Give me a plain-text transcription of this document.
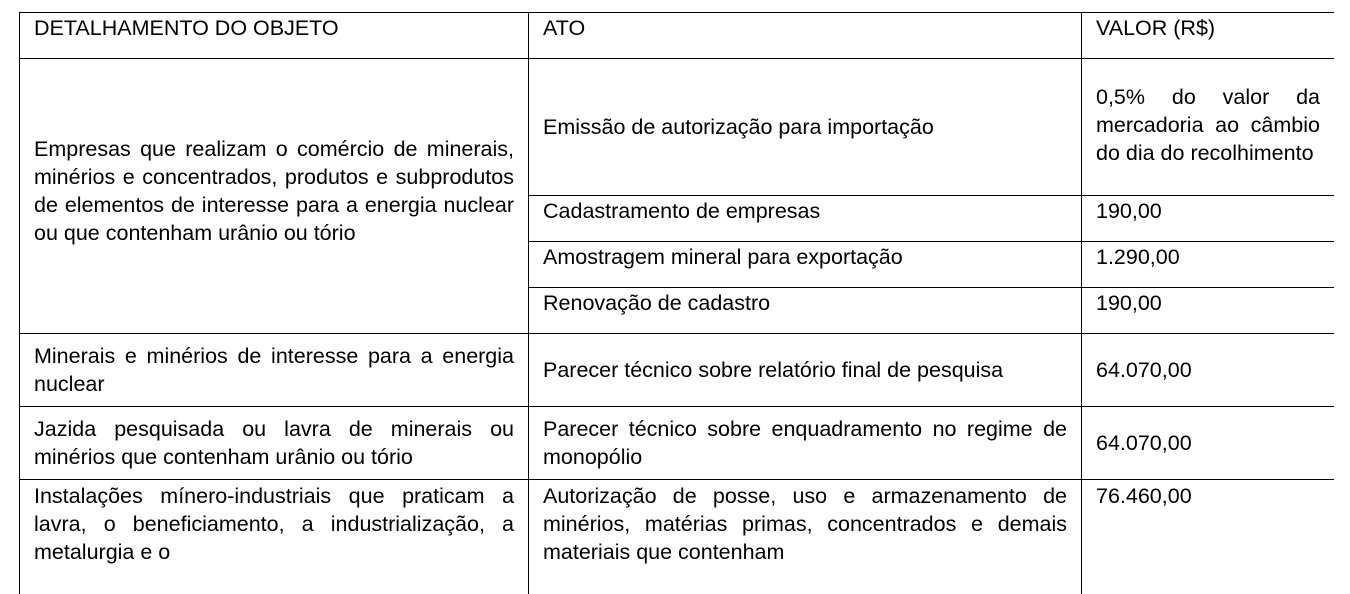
DETALHAMENTO DO OBJETO	ATO	VALOR (R$)
Empresas que realizam o comércio de minerais, minérios e concentrados, produtos e subprodutos de elementos de interesse para a energia nuclear ou que contenham urânio ou tório	Emissão de autorização para importação	0,5% do valor da mercadoria ao câmbio do dia do recolhimento
	Cadastramento de empresas	190,00
	Amostragem mineral para exportação	1.290,00
	Renovação de cadastro	190,00
Minerais e minérios de interesse para a energia nuclear	Parecer técnico sobre relatório final de pesquisa	64.070,00
Jazida pesquisada ou lavra de minerais ou minérios que contenham urânio ou tório	Parecer técnico sobre enquadramento no regime de monopólio	64.070,00
Instalações mínero-industriais que praticam a lavra, o beneficiamento, a industrialização, a metalurgia e o	Autorização de posse, uso e armazenamento de minérios, matérias primas, concentrados e demais materiais que contenham	76.460,00
